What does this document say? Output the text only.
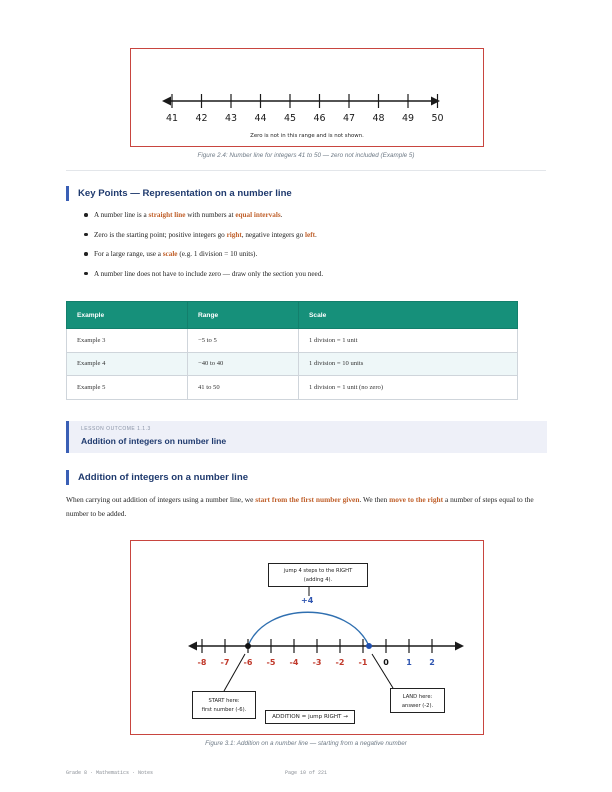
41 42 43 44 45 46 47 48 49 50
Zero is not in this range and is not shown.
Figure 2.4: Number line for integers 41 to 50 — zero not included (Example 5)
Key Points — Representation on a number line
A number line is a straight line with numbers at equal intervals.
Zero is the starting point; positive integers go right, negative integers go left.
For a large range, use a scale (e.g. 1 division = 10 units).
A number line does not have to include zero — draw only the section you need.
Example	Range	Scale
Example 3	−5 to 5	1 division = 1 unit
Example 4	−40 to 40	1 division = 10 units
Example 5	41 to 50	1 division = 1 unit (no zero)
LESSON OUTCOME 1.1.3
Addition of integers on number line
Addition of integers on a number line
When carrying out addition of integers using a number line, we start from the first number given. We then move to the right a number of steps equal to the number to be added.
-8 -7 -6 -5 -4 -3 -2 -1 0 1 2
jump 4 steps to the RIGHT
(adding 4).
+4
START here:
first number (-6).
LAND here:
answer (-2).
ADDITION = jump RIGHT →
Figure 3.1: Addition on a number line — starting from a negative number
Grade 8 · Mathematics · Notes	Page 10 of 221
